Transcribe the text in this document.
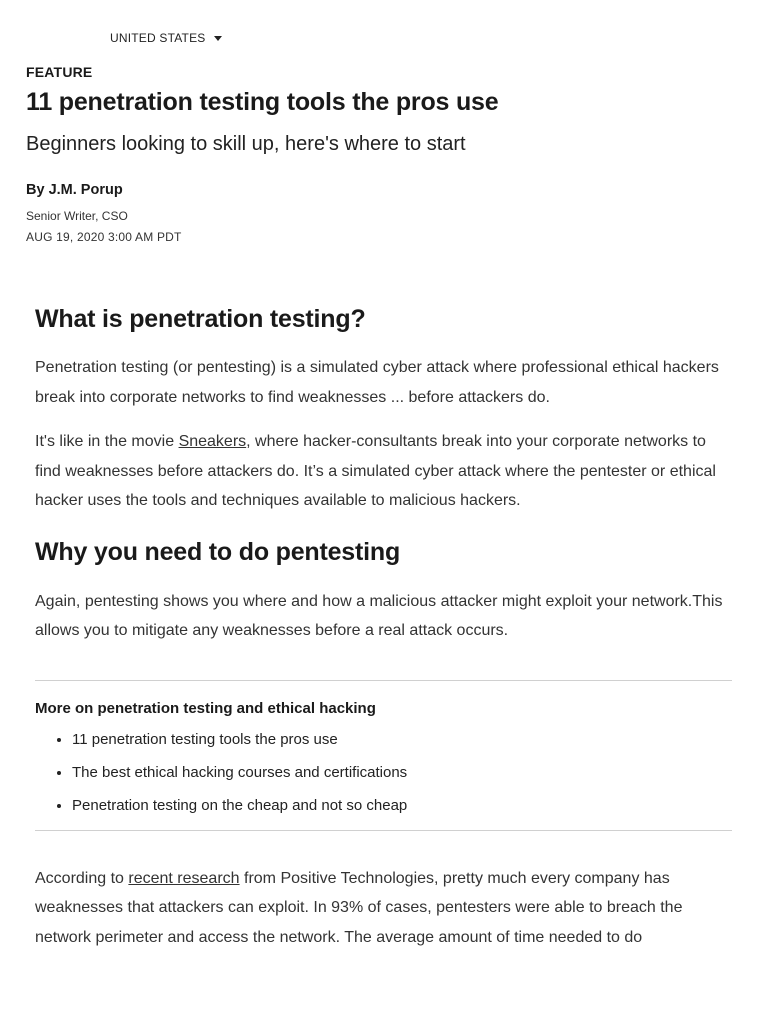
UNITED STATES

FEATURE

11 penetration testing tools the pros use

Beginners looking to skill up, here's where to start

By J.M. Porup

Senior Writer, CSO

AUG 19, 2020 3:00 AM PDT

What is penetration testing?

Penetration testing (or pentesting) is a simulated cyber attack where professional ethical hackers break into corporate networks to find weaknesses ... before attackers do.

It's like in the movie Sneakers, where hacker-consultants break into your corporate networks to find weaknesses before attackers do. It’s a simulated cyber attack where the pentester or ethical hacker uses the tools and techniques available to malicious hackers.

Why you need to do pentesting

Again, pentesting shows you where and how a malicious attacker might exploit your network.This allows you to mitigate any weaknesses before a real attack occurs.

More on penetration testing and ethical hacking

• 11 penetration testing tools the pros use
• The best ethical hacking courses and certifications
• Penetration testing on the cheap and not so cheap

According to recent research from Positive Technologies, pretty much every company has weaknesses that attackers can exploit. In 93% of cases, pentesters were able to breach the network perimeter and access the network. The average amount of time needed to do
